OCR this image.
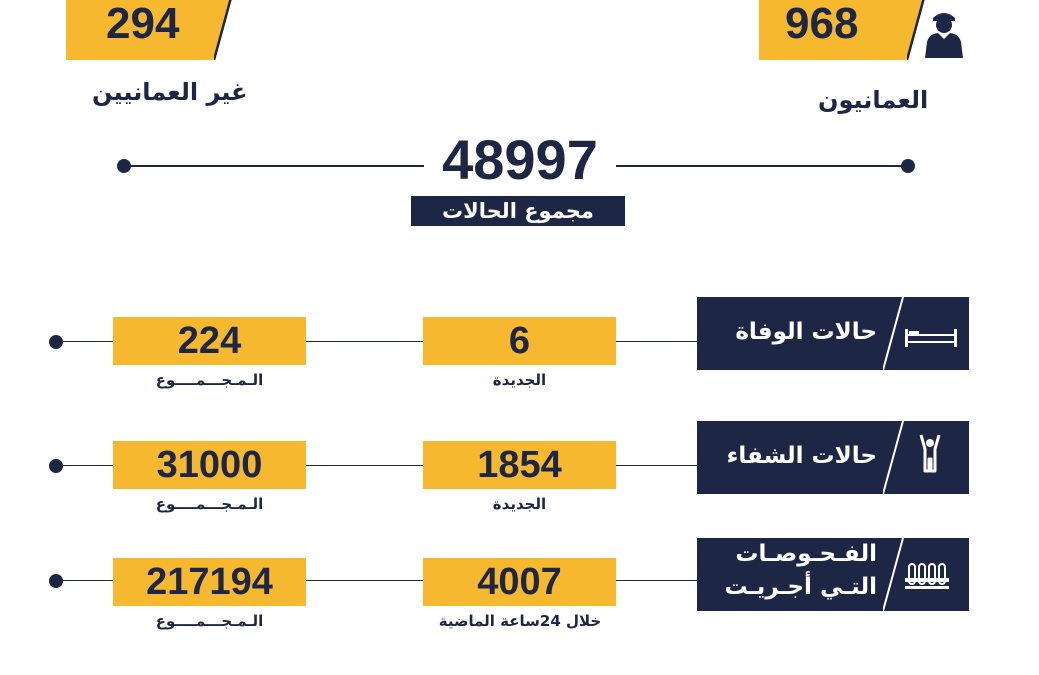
294
غير العمانيين
968
العمانيون
48997
مجموع الحالات
224
الـمـجـــمــــوع
6
الجديدة
حالات الوفاة
31000
الـمـجـــمــــوع
1854
الجديدة
حالات الشفاء
217194
الـمـجـــمــــوع
4007
خلال 24ساعة الماضية
الفـحـوصـات
التـي أجـريـت
